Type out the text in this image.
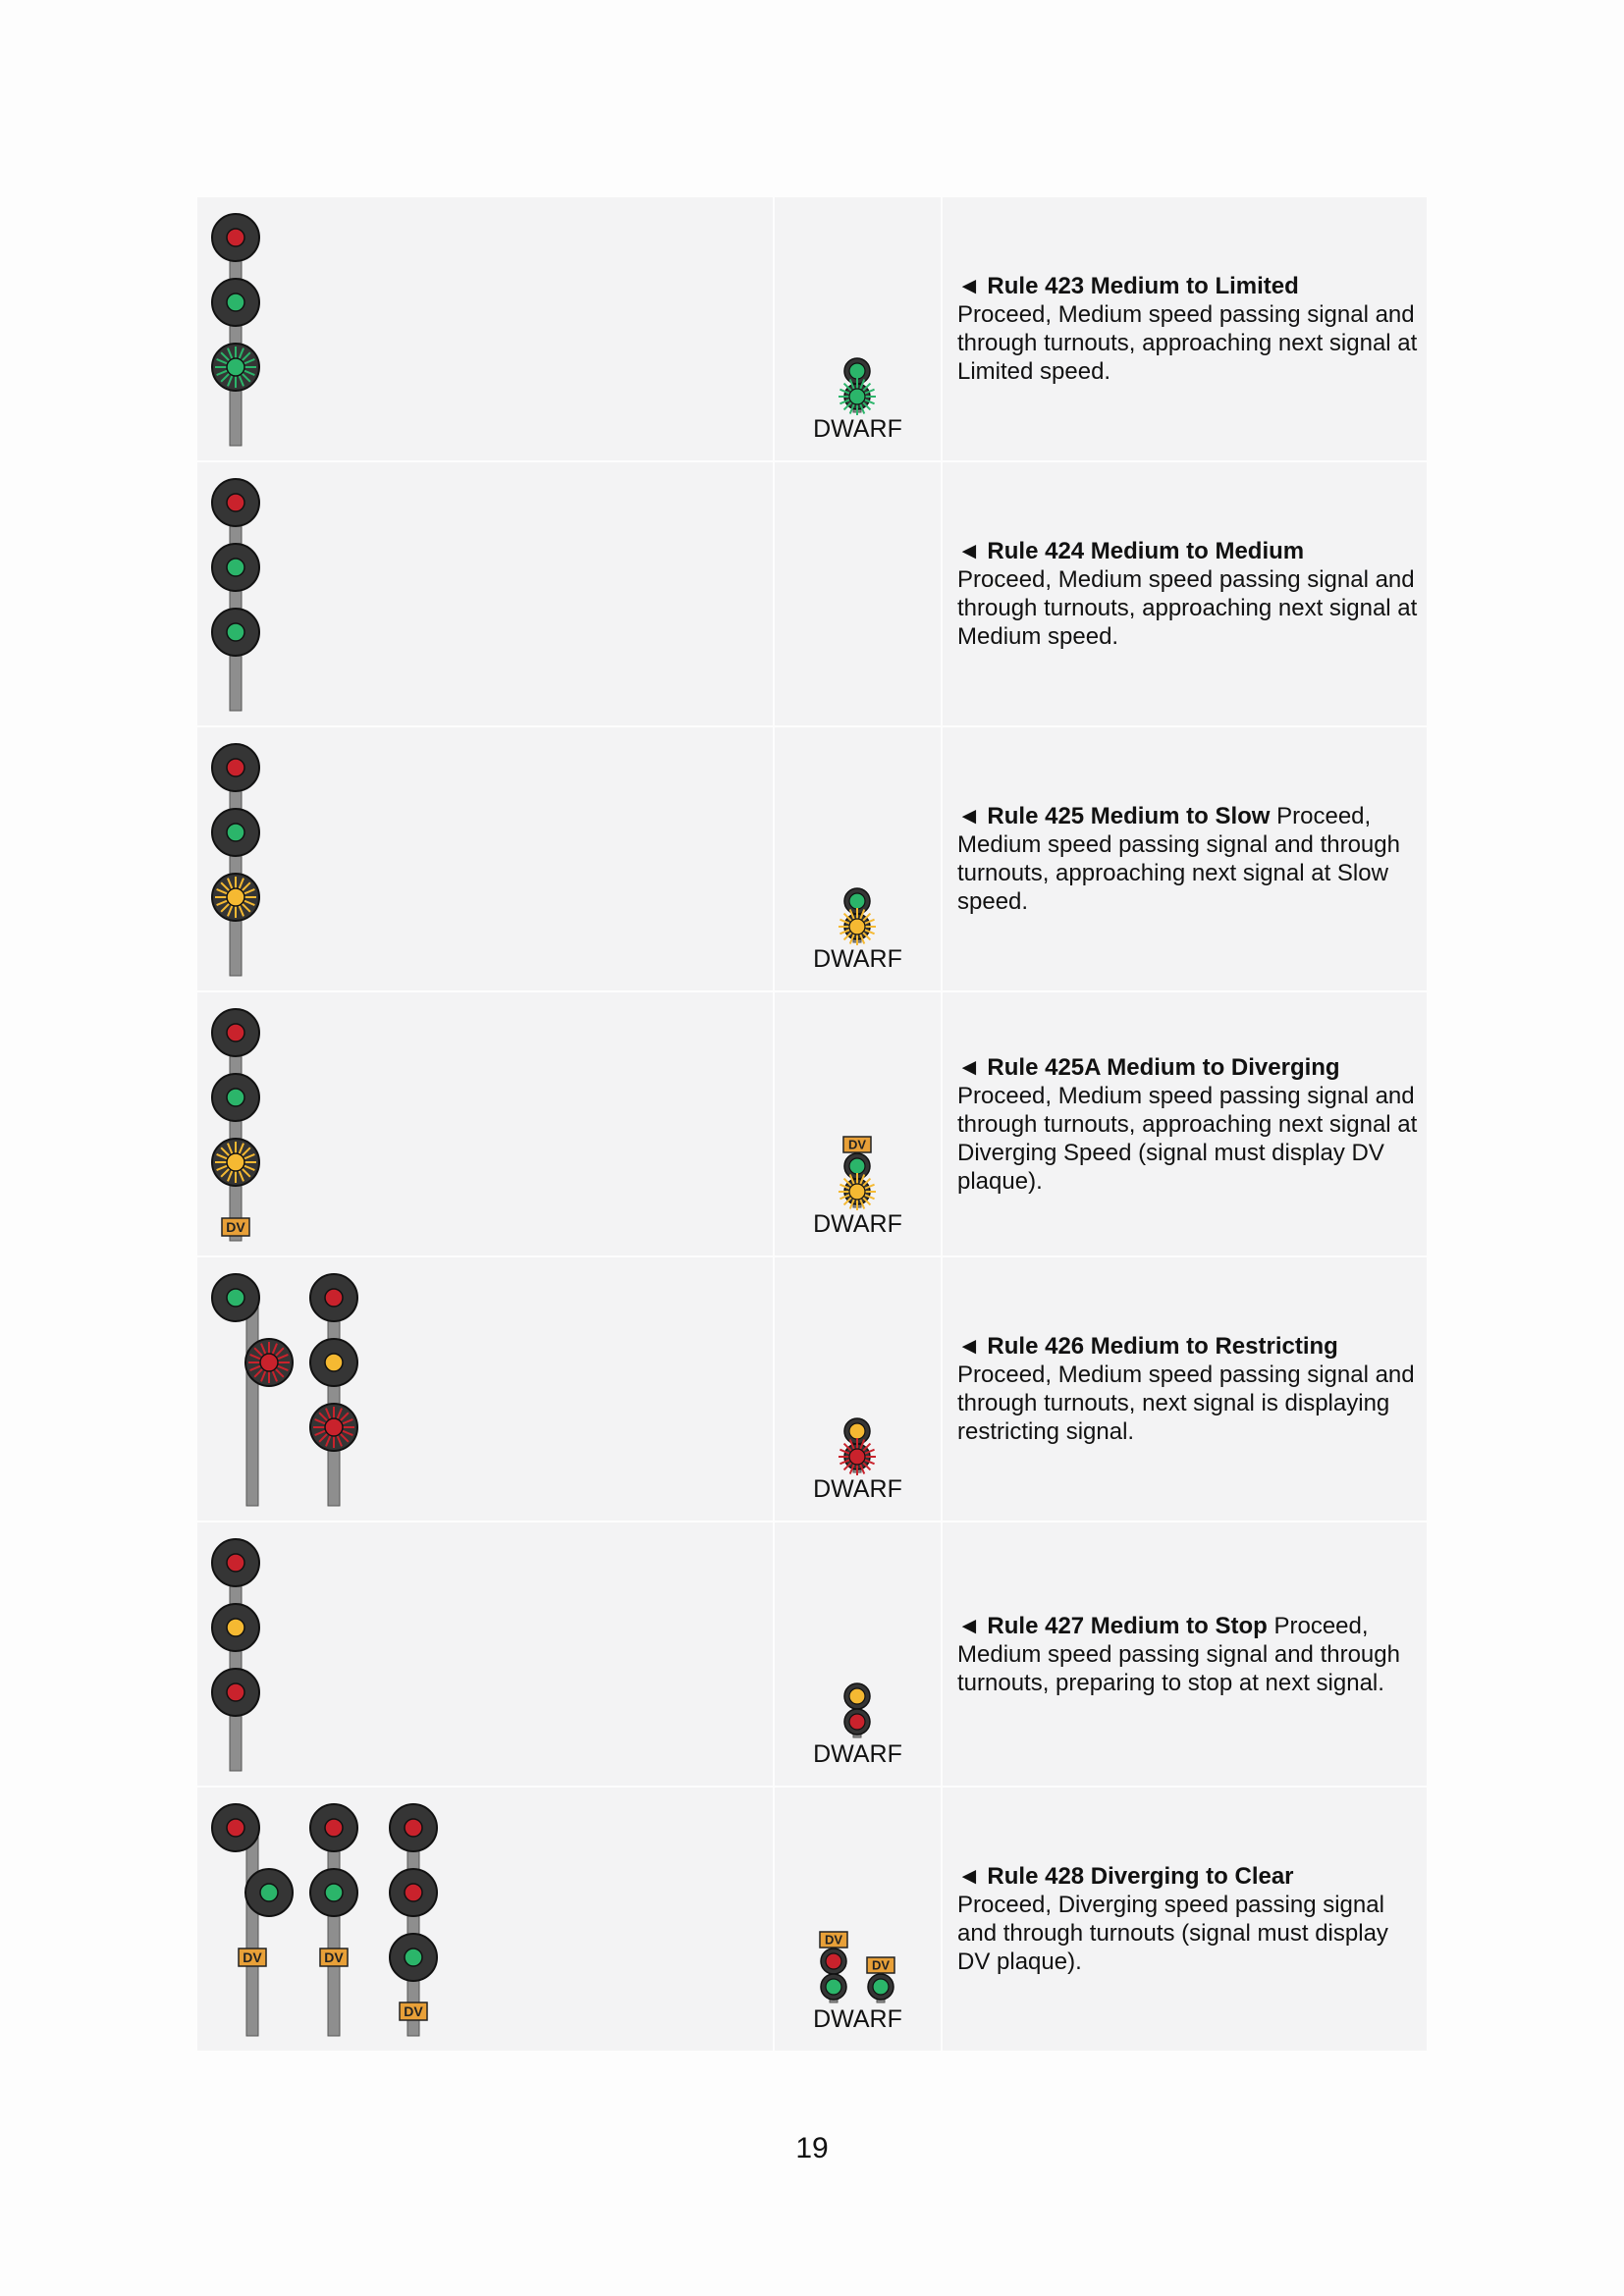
DWARF
◄ Rule 423 Medium to Limited
Proceed, Medium speed passing signal and through turnouts, approaching next signal at Limited speed.
◄ Rule 424 Medium to Medium
Proceed, Medium speed passing signal and through turnouts, approaching next signal at Medium speed.
DWARF
◄ Rule 425 Medium to Slow Proceed, Medium speed passing signal and through turnouts, approaching next signal at Slow speed.
DV
DV
DWARF
◄ Rule 425A Medium to Diverging
Proceed, Medium speed passing signal and through turnouts, approaching next signal at Diverging Speed (signal must display DV plaque).
DWARF
◄ Rule 426 Medium to Restricting
Proceed, Medium speed passing signal and through turnouts, next signal is displaying restricting signal.
DWARF
◄ Rule 427 Medium to Stop Proceed, Medium speed passing signal and through turnouts, preparing to stop at next signal.
DV	DV
DV
DV
DV
DWARF
◄ Rule 428 Diverging to Clear
Proceed, Diverging speed passing signal and through turnouts (signal must display DV plaque).
19
